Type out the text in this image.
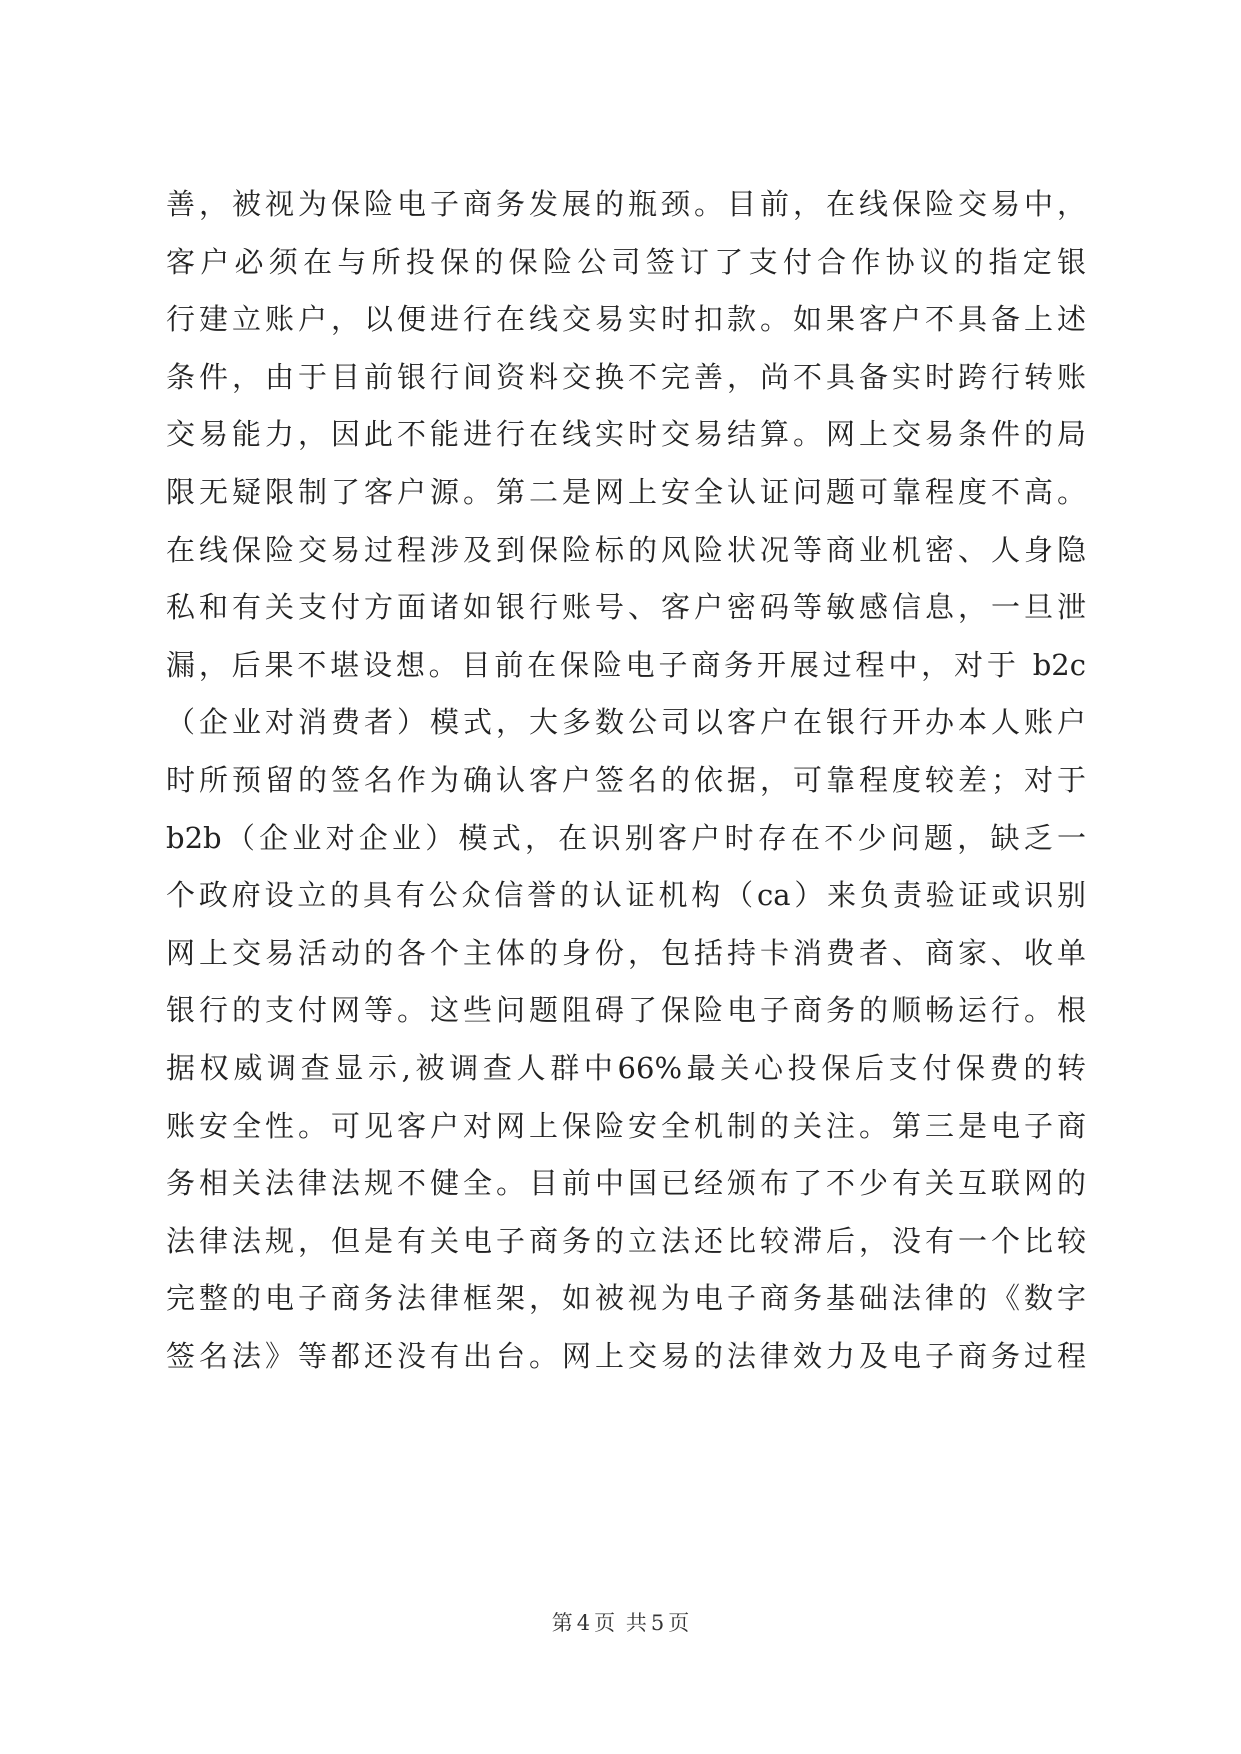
善，被视为保险电子商务发展的瓶颈。目前，在线保险交易中，
客户必须在与所投保的保险公司签订了支付合作协议的指定银
行建立账户，以便进行在线交易实时扣款。如果客户不具备上述
条件，由于目前银行间资料交换不完善，尚不具备实时跨行转账
交易能力，因此不能进行在线实时交易结算。网上交易条件的局
限无疑限制了客户源。第二是网上安全认证问题可靠程度不高。
在线保险交易过程涉及到保险标的风险状况等商业机密、人身隐
私和有关支付方面诸如银行账号、客户密码等敏感信息，一旦泄
漏，后果不堪设想。目前在保险电子商务开展过程中，对于 b2c
（企业对消费者）模式，大多数公司以客户在银行开办本人账户
时所预留的签名作为确认客户签名的依据，可靠程度较差；对于
b2b（企业对企业）模式，在识别客户时存在不少问题，缺乏一
个政府设立的具有公众信誉的认证机构（ca）来负责验证或识别
网上交易活动的各个主体的身份，包括持卡消费者、商家、收单
银行的支付网等。这些问题阻碍了保险电子商务的顺畅运行。根
据权威调查显示,被调查人群中66%最关心投保后支付保费的转
账安全性。可见客户对网上保险安全机制的关注。第三是电子商
务相关法律法规不健全。目前中国已经颁布了不少有关互联网的
法律法规，但是有关电子商务的立法还比较滞后，没有一个比较
完整的电子商务法律框架，如被视为电子商务基础法律的《数字
签名法》等都还没有出台。网上交易的法律效力及电子商务过程
第 4 页 共 5 页
